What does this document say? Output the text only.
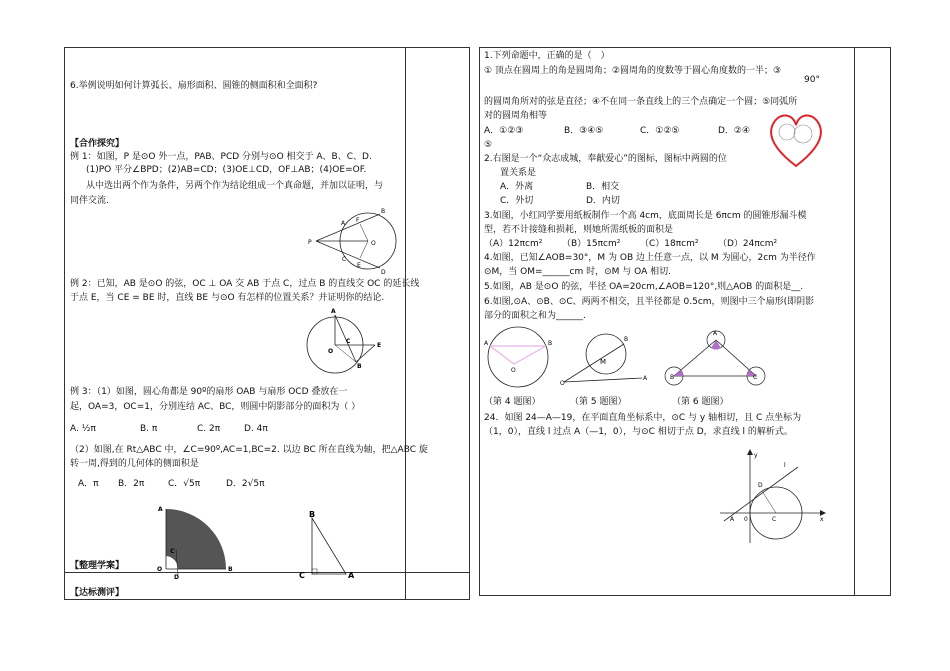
6.举例说明如何计算弧长、扇形面积、圆锥的侧面积和全面积?
【合作探究】
例 1：如图，P 是⊙O 外一点，PAB、PCD 分别与⊙O 相交于 A、B、C、D.
(1)PO 平分∠BPD；(2)AB=CD；(3)OE⊥CD，OF⊥AB；(4)OE=OF.
从中选出两个作为条件，另两个作为结论组成一个真命题，并加以证明，与
同伴交流.
P
A
B
F
O
C
E
D
例 2：已知，AB 是⊙O 的弦，OC ⊥ OA 交 AB 于点 C，过点 B 的直线交 OC 的延长线
于点 E，当 CE = BE 时，直线 BE 与⊙O 有怎样的位置关系？并证明你的结论.
A
C
E
O
B
例 3：（1）如图，圆心角都是 90º的扇形 OAB 与扇形 OCD 叠放在一
起，OA=3，OC=1，分别连结 AC、BC，则圆中阴影部分的面积为（ ）
A. ½π	B. π	C. 2π	D. 4π
（2）如图,在 Rt△ABC 中，∠C=90º,AC=1,BC=2. 以边 BC 所在直线为轴，把△ABC 旋
转一周,得到的几何体的侧面积是
A．π B．2π	C．√5π	D．2√5π
A
C
O
D
B
B
C	A
【整理学案】
【达标测评】
1.下列命题中，正确的是（　）
① 顶点在圆周上的角是圆周角；②圆周角的度数等于圆心角度数的一半；③
90°
的圆周角所对的弦是直径；④不在同一条直线上的三个点确定一个圆；⑤同弧所
对的圆周角相等
A．①②③	B．③④⑤	C．①②⑤	D．②④
⑤
2.右图是一个“众志成城，奉献爱心”的图标，图标中两圆的位
置关系是
A．外离	B．相交
C．外切	D．内切
3.如图，小红同学要用纸板制作一个高 4cm，底面周长是 6πcm 的圆锥形漏斗模
型，若不计接缝和损耗，则她所需纸板的面积是
（A）12πcm² （B）15πcm² （C）18πcm² （D）24πcm²
4.如图，已知∠AOB=30°，M 为 OB 边上任意一点，以 M 为圆心，2cm 为半径作
⊙M，当 OM=______cm 时，⊙M 与 OA 相切.
5.如图，AB 是⊙O 的弦，半径 OA=20cm,∠AOB=120°,则△AOB 的面积是__.
6.如图,⊙A、⊙B、⊙C、两两不相交，且半径都是 0.5cm，则图中三个扇形(即阴影
部分的面积之和为______.
A	B
O
B
M
O
A
A
B	C
（第 4 题图）	（第 5 题图）	（第 6 题图）
24．如图 24—A—19，在平面直角坐标系中，⊙C 与 y 轴相切，且 C 点坐标为
（1，0），直线 l 过点 A（—1，0），与⊙C 相切于点 D，求直线 l 的解析式。
y
l
D
A 0	C	x
